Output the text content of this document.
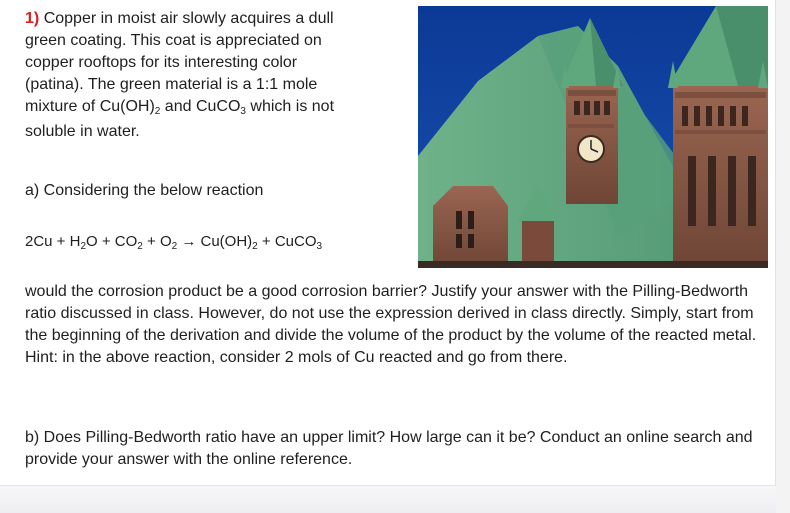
1) Copper in moist air slowly acquires a dull
green coating. This coat is appreciated on
copper rooftops for its interesting color
(patina). The green material is a 1:1 mole
mixture of $Cu(OH)_2$ and CuCO$_3$ which is not
soluble in water.
a) Considering the below reaction
$2Cu + H_2O + CO_2 + O_2 \to Cu(OH)_2$ + CuCO$_3$
would the corrosion product be a good corrosion barrier? Justify your answer with the Pilling-Bedworth ratio discussed in class. However, do not use the expression derived in class directly. Simply, start from the beginning of the derivation and divide the volume of the product by the volume of the reacted metal. Hint: in the above reaction, consider 2 mols of Cu reacted and go from there.
b) Does Pilling-Bedworth ratio have an upper limit? How large can it be? Conduct an online search and provide your answer with the online reference.
